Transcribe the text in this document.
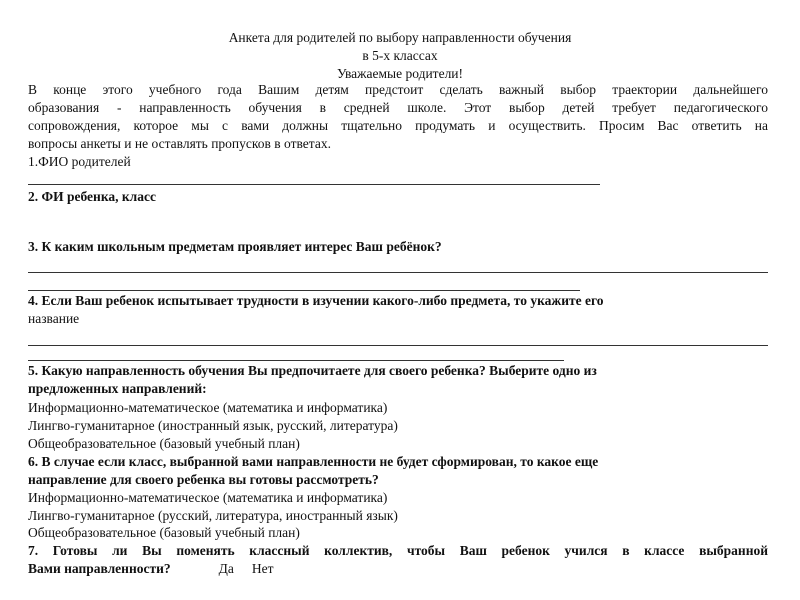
Анкета для родителей по выбору направленности обучения
в 5-х классах
Уважаемые родители!
В конце этого учебного года Вашим детям предстоит сделать важный выбор траектории дальнейшего
образования - направленность обучения в средней школе. Этот выбор детей требует педагогического
сопровождения, которое мы с вами должны тщательно продумать и осуществить. Просим Вас ответить на
вопросы анкеты и не оставлять пропусков в ответах.
1.ФИО родителей
2. ФИ ребенка, класс
3. К каким школьным предметам проявляет интерес Ваш ребёнок?
4. Если Ваш ребенок испытывает трудности в изучении какого-либо предмета, то укажите его
название
5. Какую направленность обучения Вы предпочитаете для своего ребенка? Выберите одно из
предложенных направлений:
Информационно-математическое (математика и информатика)
Лингво-гуманитарное (иностранный язык, русский, литература)
Общеобразовательное (базовый учебный план)
6. В случае если класс, выбранной вами направленности не будет сформирован, то какое еще
направление для своего ребенка вы готовы рассмотреть?
Информационно-математическое (математика и информатика)
Лингво-гуманитарное (русский, литература, иностранный язык)
Общеобразовательное (базовый учебный план)
7. Готовы ли Вы поменять классный коллектив, чтобы Ваш ребенок учился в классе выбранной
Вами направленности?	Да Нет
